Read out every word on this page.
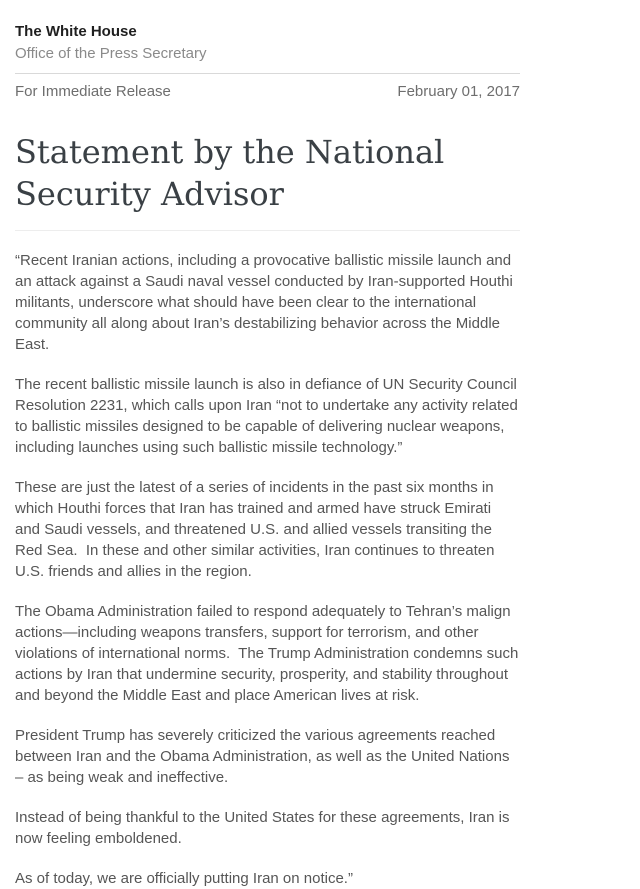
The White House
Office of the Press Secretary
For Immediate Release	February 01, 2017
Statement by the National Security Advisor

“Recent Iranian actions, including a provocative ballistic missile launch and an attack against a Saudi naval vessel conducted by Iran-supported Houthi militants, underscore what should have been clear to the international community all along about Iran’s destabilizing behavior across the Middle East.

The recent ballistic missile launch is also in defiance of UN Security Council Resolution 2231, which calls upon Iran “not to undertake any activity related to ballistic missiles designed to be capable of delivering nuclear weapons, including launches using such ballistic missile technology.”

These are just the latest of a series of incidents in the past six months in which Houthi forces that Iran has trained and armed have struck Emirati and Saudi vessels, and threatened U.S. and allied vessels transiting the Red Sea.  In these and other similar activities, Iran continues to threaten U.S. friends and allies in the region.

The Obama Administration failed to respond adequately to Tehran’s malign actions—including weapons transfers, support for terrorism, and other violations of international norms.  The Trump Administration condemns such actions by Iran that undermine security, prosperity, and stability throughout and beyond the Middle East and place American lives at risk.

President Trump has severely criticized the various agreements reached between Iran and the Obama Administration, as well as the United Nations – as being weak and ineffective.

Instead of being thankful to the United States for these agreements, Iran is now feeling emboldened.

As of today, we are officially putting Iran on notice.”
